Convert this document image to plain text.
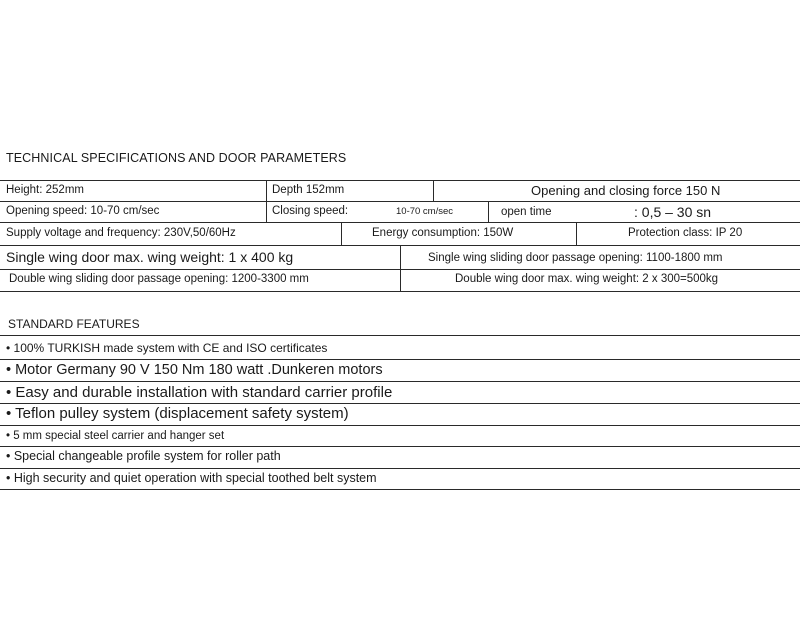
TECHNICAL SPECIFICATIONS AND DOOR PARAMETERS
Height: 252mm	Depth 152mm	Opening and closing force 150 N
Opening speed: 10-70 cm/sec	Closing speed:	10-70 cm/sec	open time	: 0,5 – 30 sn
Supply voltage and frequency: 230V,50/60Hz	Energy consumption: 150W	Protection class: IP 20
Single wing door max. wing weight: 1 x 400 kg	Single wing sliding door passage opening: 1100-1800 mm
Double wing sliding door passage opening: 1200-3300 mm	Double wing door max. wing weight: 2 x 300=500kg
STANDARD FEATURES
• 100% TURKISH made system with CE and ISO certificates
• Motor Germany 90 V 150 Nm 180 watt .Dunkeren motors
• Easy and durable installation with standard carrier profile
• Teflon pulley system (displacement safety system)
• 5 mm special steel carrier and hanger set
• Special changeable profile system for roller path
• High security and quiet operation with special toothed belt system
